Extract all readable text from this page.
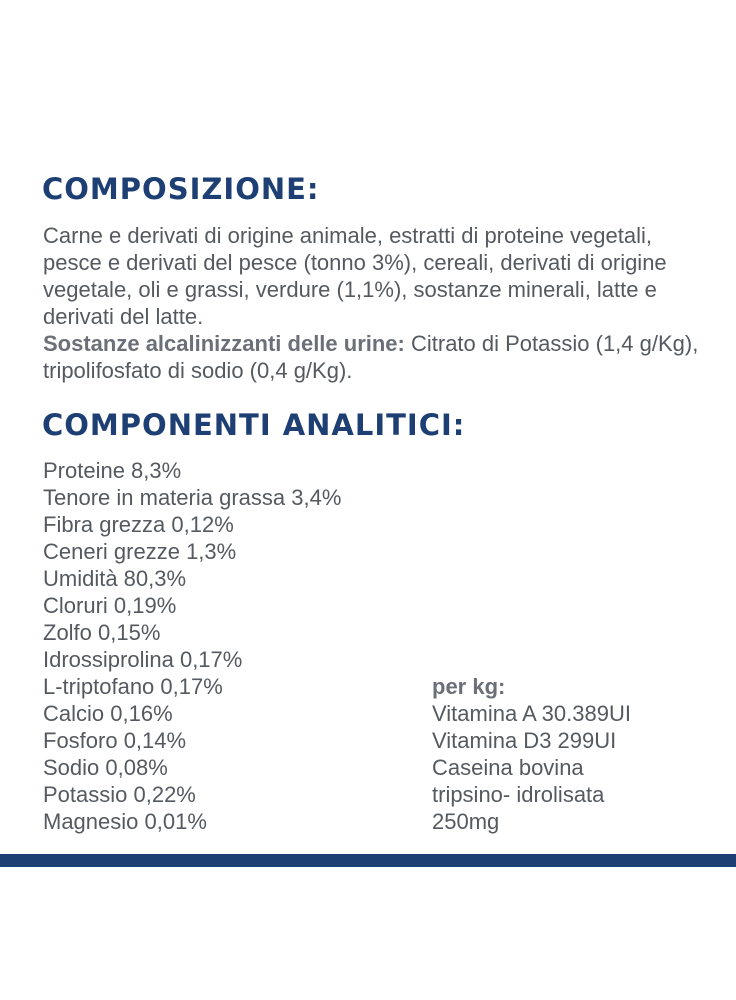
COMPOSIZIONE:

Carne e derivati di origine animale, estratti di proteine vegetali, pesce e derivati del pesce (tonno 3%), cereali, derivati di origine vegetale, oli e grassi, verdure (1,1%), sostanze minerali, latte e derivati del latte.
Sostanze alcalinizzanti delle urine: Citrato di Potassio (1,4 g/Kg), tripolifosfato di sodio (0,4 g/Kg).

COMPONENTI ANALITICI:
Proteine 8,3%
Tenore in materia grassa 3,4%
Fibra grezza 0,12%
Ceneri grezze 1,3%
Umidità 80,3%
Cloruri 0,19%
Zolfo 0,15%
Idrossiprolina 0,17%
L-triptofano 0,17%
Calcio 0,16%
Fosforo 0,14%
Sodio 0,08%
Potassio 0,22%
Magnesio 0,01%

per kg:

Vitamina A 30.389UI
Vitamina D3 299UI
Caseina bovina
tripsino- idrolisata
250mg
